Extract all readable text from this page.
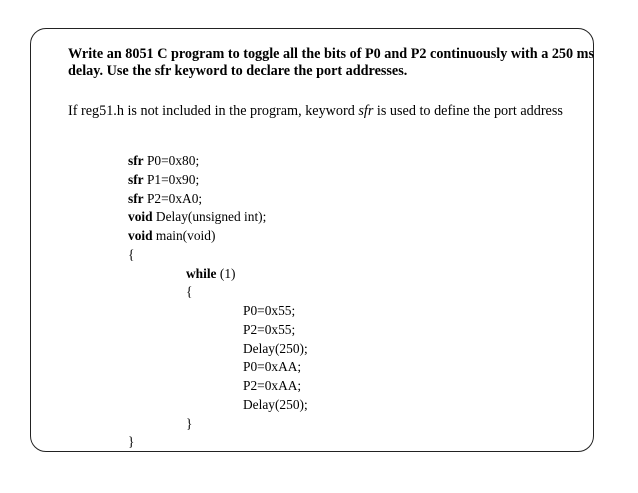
Write an 8051 C program to toggle all the bits of P0 and P2 continuously with a 250 ms delay. Use the sfr keyword to declare the port addresses.

If reg51.h is not included in the program, keyword sfr is used to define the port address

sfr P0=0x80;
sfr P1=0x90;
sfr P2=0xA0;
void Delay(unsigned int);
void main(void)
{
while (1)
{
P0=0x55;
P2=0x55;
Delay(250);
P0=0xAA;
P2=0xAA;
Delay(250);
}
}
